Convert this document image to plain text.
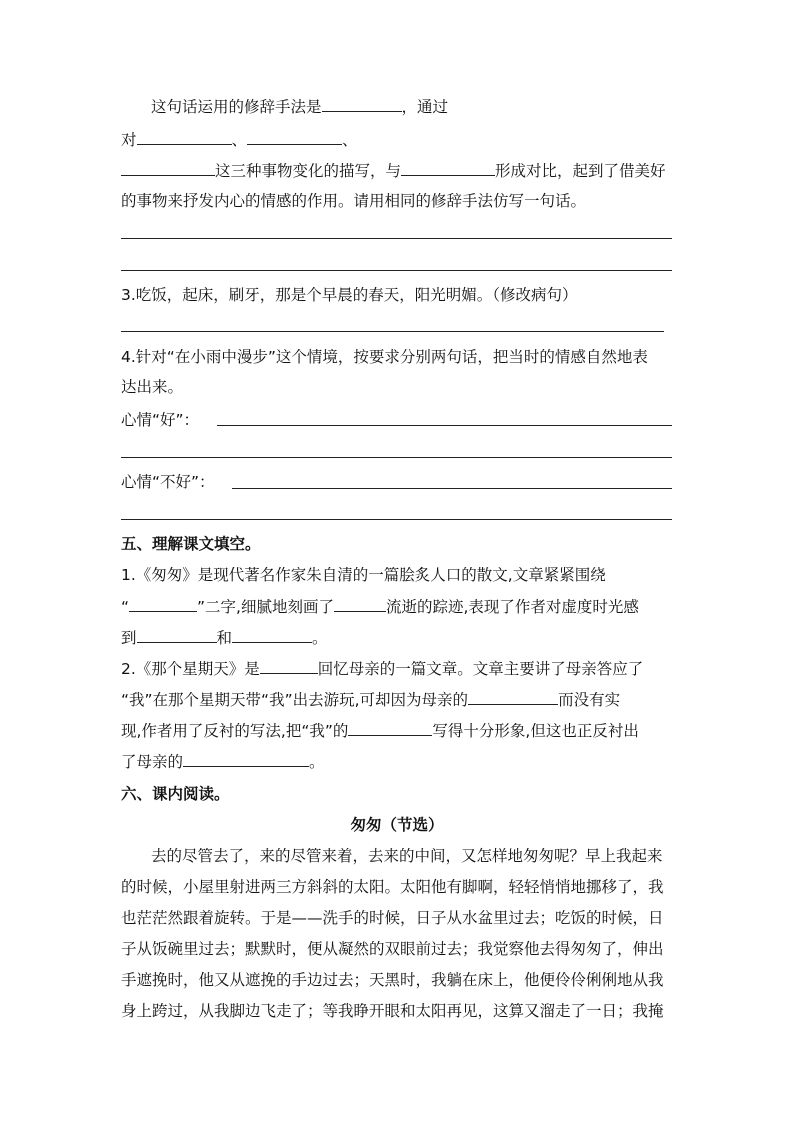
这句话运用的修辞手法是	，通过
对	、	、
这三种事物变化的描写，与	形成对比，起到了借美好
的事物来抒发内心的情感的作用。请用相同的修辞手法仿写一句话。
3.吃饭，起床，刷牙，那是个早晨的春天，阳光明媚。（修改病句）
4.针对“在小雨中漫步”这个情境，按要求分别两句话，把当时的情感自然地表
达出来。
心情“好”：
心情“不好”：
五、理解课文填空。
1.《匆匆》是现代著名作家朱自清的一篇脍炙人口的散文,文章紧紧围绕
“	”二字,细腻地刻画了	流逝的踪迹,表现了作者对虚度时光感
到	和	。
2.《那个星期天》是	回忆母亲的一篇文章。文章主要讲了母亲答应了
“我”在那个星期天带“我”出去游玩,可却因为母亲的	而没有实
现,作者用了反衬的写法,把“我”的	写得十分形象,但这也正反衬出
了母亲的	。
六、课内阅读。
匆匆（节选）
去的尽管去了，来的尽管来着，去来的中间，又怎样地匆匆呢？早上我起来
的时候，小屋里射进两三方斜斜的太阳。太阳他有脚啊，轻轻悄悄地挪移了，我
也茫茫然跟着旋转。于是——洗手的时候，日子从水盆里过去；吃饭的时候，日
子从饭碗里过去；默默时，便从凝然的双眼前过去；我觉察他去得匆匆了，伸出
手遮挽时，他又从遮挽的手边过去；天黑时，我躺在床上，他便伶伶俐俐地从我
身上跨过，从我脚边飞走了；等我睁开眼和太阳再见，这算又溜走了一日；我掩
